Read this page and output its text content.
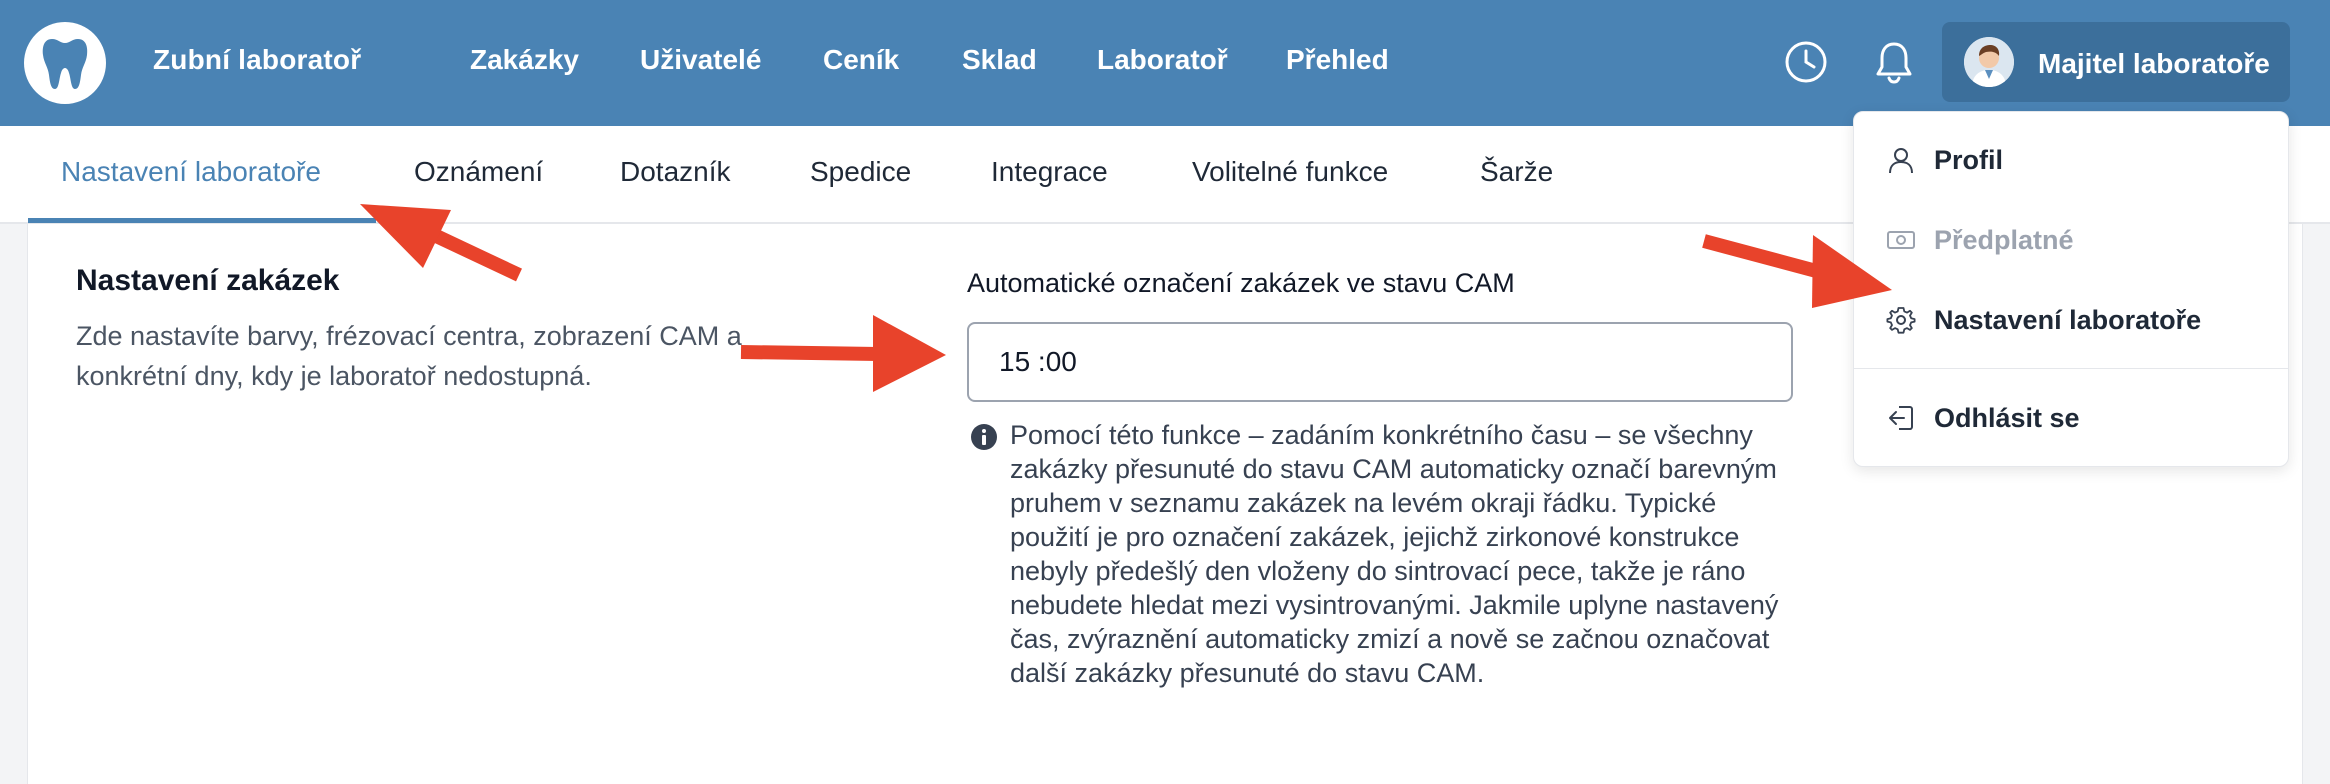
Zubní laboratoř	Zakázky Uživatelé Ceník Sklad Laboratoř Přehled	Majitel laboratoře
Nastavení laboratoře	Oznámení	Dotazník	Spedice	Integrace	Volitelné funkce	Šarže
Nastavení zakázek
Zde nastavíte barvy, frézovací centra, zobrazení CAM a konkrétní dny, kdy je laboratoř nedostupná.
Automatické označení zakázek ve stavu CAM
15 :00
Pomocí této funkce – zadáním konkrétního času – se všechny zakázky přesunuté do stavu CAM automaticky označí barevným pruhem v seznamu zakázek na levém okraji řádku. Typické použití je pro označení zakázek, jejichž zirkonové konstrukce nebyly předešlý den vloženy do sintrovací pece, takže je ráno nebudete hledat mezi vysintrovanými. Jakmile uplyne nastavený čas, zvýraznění automaticky zmizí a nově se začnou označovat další zakázky přesunuté do stavu CAM.
Profil
Předplatné
Nastavení laboratoře
Odhlásit se
